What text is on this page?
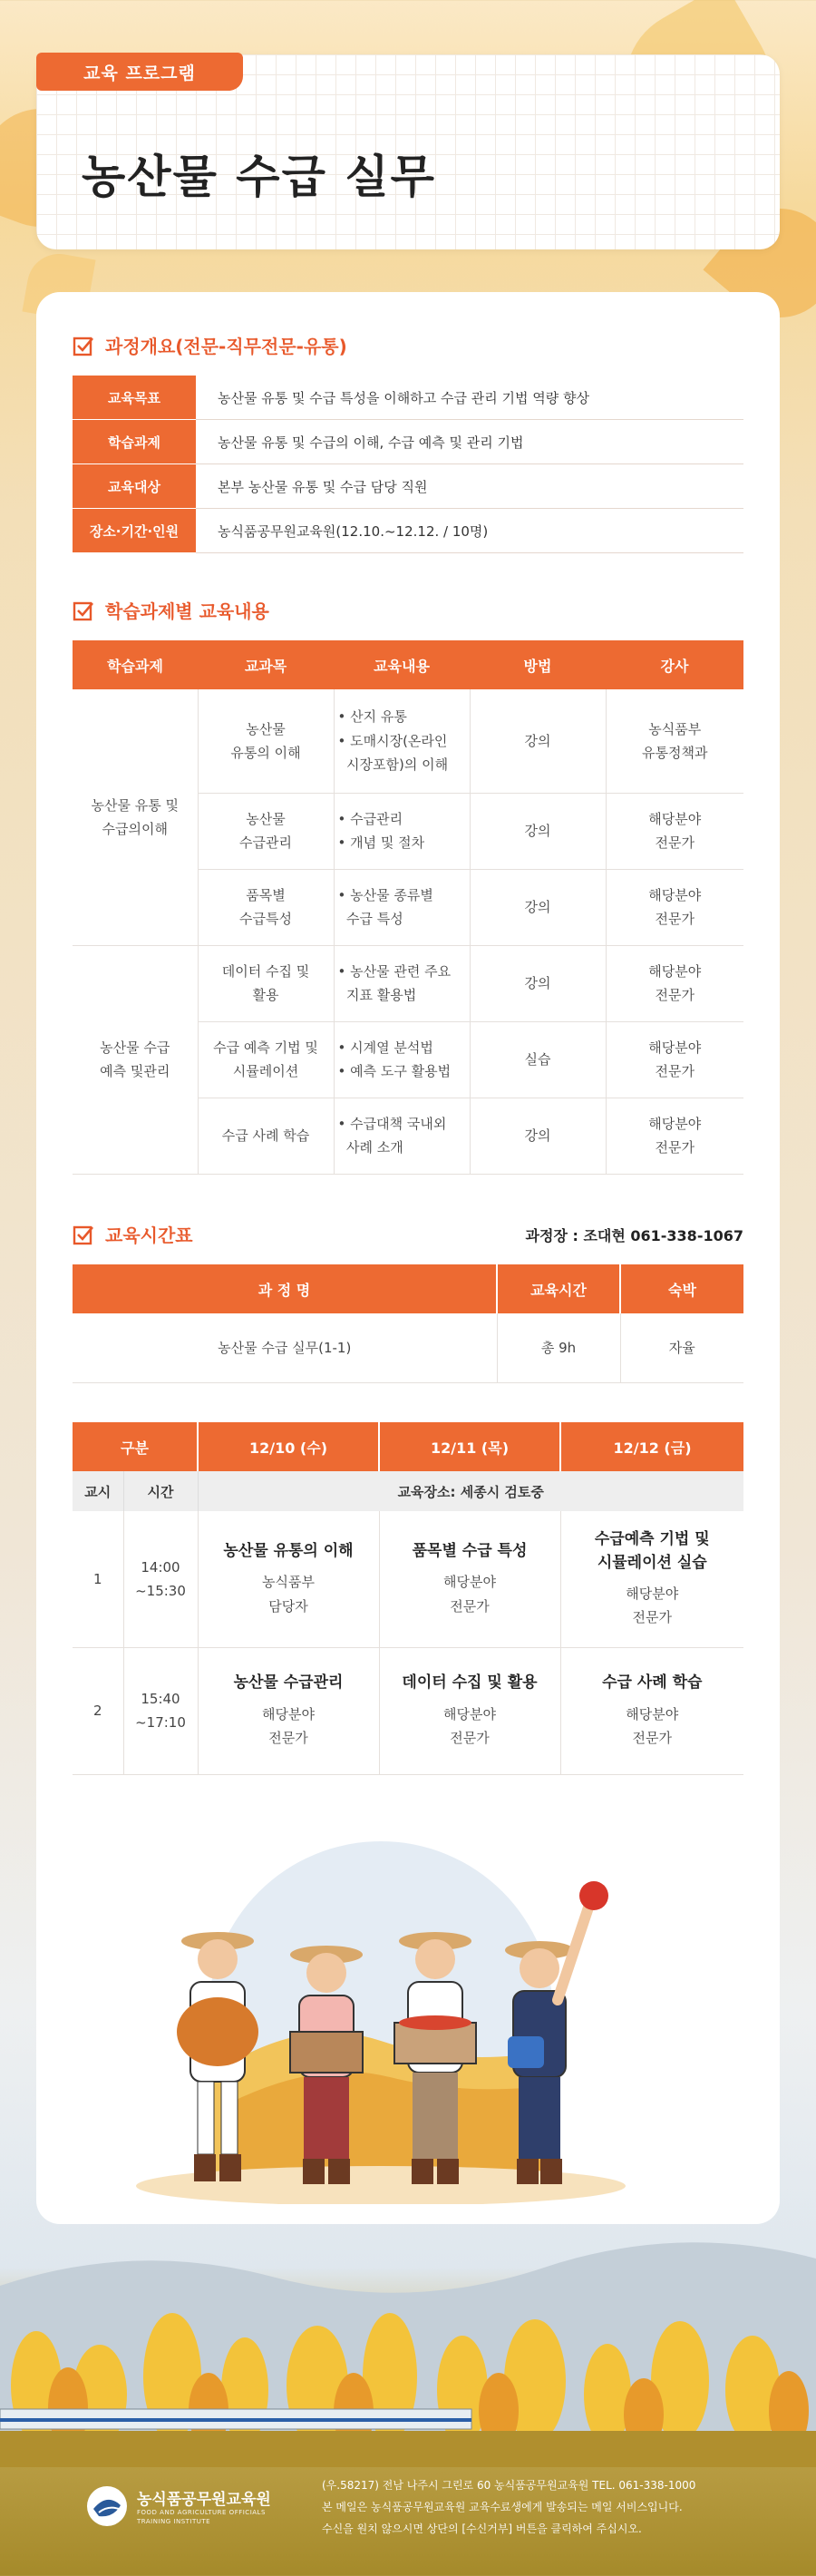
교육 프로그램
농산물 수급 실무
과정개요(전문-직무전문-유통)
교육목표	농산물 유통 및 수급 특성을 이해하고 수급 관리 기법 역량 향상
학습과제	농산물 유통 및 수급의 이해, 수급 예측 및 관리 기법
교육대상	본부 농산물 유통 및 수급 담당 직원
장소·기간·인원	농식품공무원교육원(12.10.~12.12. / 10명)
학습과제별 교육내용
학습과제	교과목	교육내용	방법	강사

농산물 유통 및
수급의이해	농산물
유통의 이해	• 산지 유통
• 도매시장(온라인
시장포함)의 이해	강의	농식품부
유통정책과

	농산물
수급관리	• 수급관리
• 개념 및 절차	강의	해당분야
전문가

	품목별
수급특성	• 농산물 종류별
수급 특성	강의	해당분야
전문가

농산물 수급
예측 및관리	데이터 수집 및
활용	• 농산물 관련 주요
지표 활용법	강의	해당분야
전문가

	수급 예측 기법 및
시뮬레이션	• 시계열 분석법
• 예측 도구 활용법	실습	해당분야
전문가

	수급 사례 학습	• 수급대책 국내외
사례 소개	강의	해당분야
전문가
교육시간표	과정장 : 조대현 061-338-1067
과 정 명	교육시간	숙박
농산물 수급 실무(1-1)	총 9h	자율
구분		12/10 (수)	12/11 (목)	12/12 (금)
교시	시간	교육장소: 세종시 검토중		
1	14:00
~15:30	농산물 유통의 이해
농식품부
담당자	품목별 수급 특성
해당분야
전문가	수급예측 기법 및
시뮬레이션 실습
해당분야
전문가

2	15:40
~17:10	농산물 수급관리
해당분야
전문가	데이터 수집 및 활용
해당분야
전문가	수급 사례 학습
해당분야
전문가
농식품공무원교육원
FOOD AND AGRICULTURE OFFICIALS
TRAINING INSTITUTE
(우.58217) 전남 나주시 그린로 60 농식품공무원교육원 TEL. 061-338-1000
본 메일은 농식품공무원교육원 교육수료생에게 발송되는 메일 서비스입니다.
수신을 원치 않으시면 상단의 [수신거부] 버튼을 클릭하여 주십시오.
